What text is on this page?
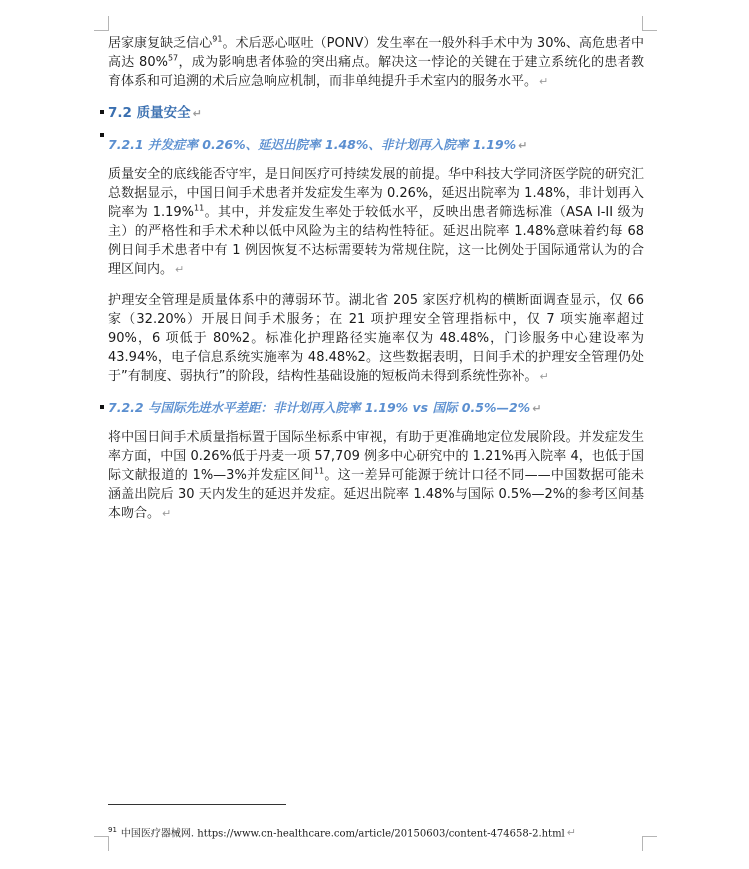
居家康复缺乏信心$^{91}$。术后恶心呕吐（PONV）发生率在一般外科手术中为 30%、高危患者中高达 80%$^{57}$，成为影响患者体验的突出痛点。解决这一悖论的关键在于建立系统化的患者教育体系和可追溯的术后应急响应机制，而非单纯提升手术室内的服务水平。 ↵

7.2 质量安全 ↵
7.2.1 并发症率 0.26%、延迟出院率 1.48%、非计划再入院率 1.19% ↵

质量安全的底线能否守牢，是日间医疗可持续发展的前提。华中科技大学同济医学院的研究汇总数据显示，中国日间手术患者并发症发生率为 0.26%，延迟出院率为 1.48%，非计划再入院率为 1.19%$^{11}$。其中，并发症发生率处于较低水平，反映出患者筛选标准（ASA I-II 级为主）的严格性和手术术种以低中风险为主的结构性特征。延迟出院率 1.48%意味着约每 68 例日间手术患者中有 1 例因恢复不达标需要转为常规住院，这一比例处于国际通常认为的合理区间内。 ↵

护理安全管理是质量体系中的薄弱环节。湖北省 205 家医疗机构的横断面调查显示，仅 66 家（32.20%）开展日间手术服务；在 21 项护理安全管理指标中，仅 7 项实施率超过 90%，6 项低于 80%2。标准化护理路径实施率仅为 48.48%，门诊服务中心建设率为 43.94%，电子信息系统实施率为 48.48%2。这些数据表明，日间手术的护理安全管理仍处于”有制度、弱执行”的阶段，结构性基础设施的短板尚未得到系统性弥补。 ↵

7.2.2 与国际先进水平差距：非计划再入院率 1.19% vs 国际 0.5%—2% ↵

将中国日间手术质量指标置于国际坐标系中审视，有助于更准确地定位发展阶段。并发症发生率方面，中国 0.26%低于丹麦一项 57,709 例多中心研究中的 1.21%再入院率 4，也低于国际文献报道的 1%—3%并发症区间$^{11}$。这一差异可能源于统计口径不同——中国数据可能未涵盖出院后 30 天内发生的延迟并发症。延迟出院率 1.48%与国际 0.5%—2%的参考区间基本吻合。 ↵

$^{91}$ 中国医疗器械网. https://www.cn-healthcare.com/article/20150603/content-474658-2.html ↵
